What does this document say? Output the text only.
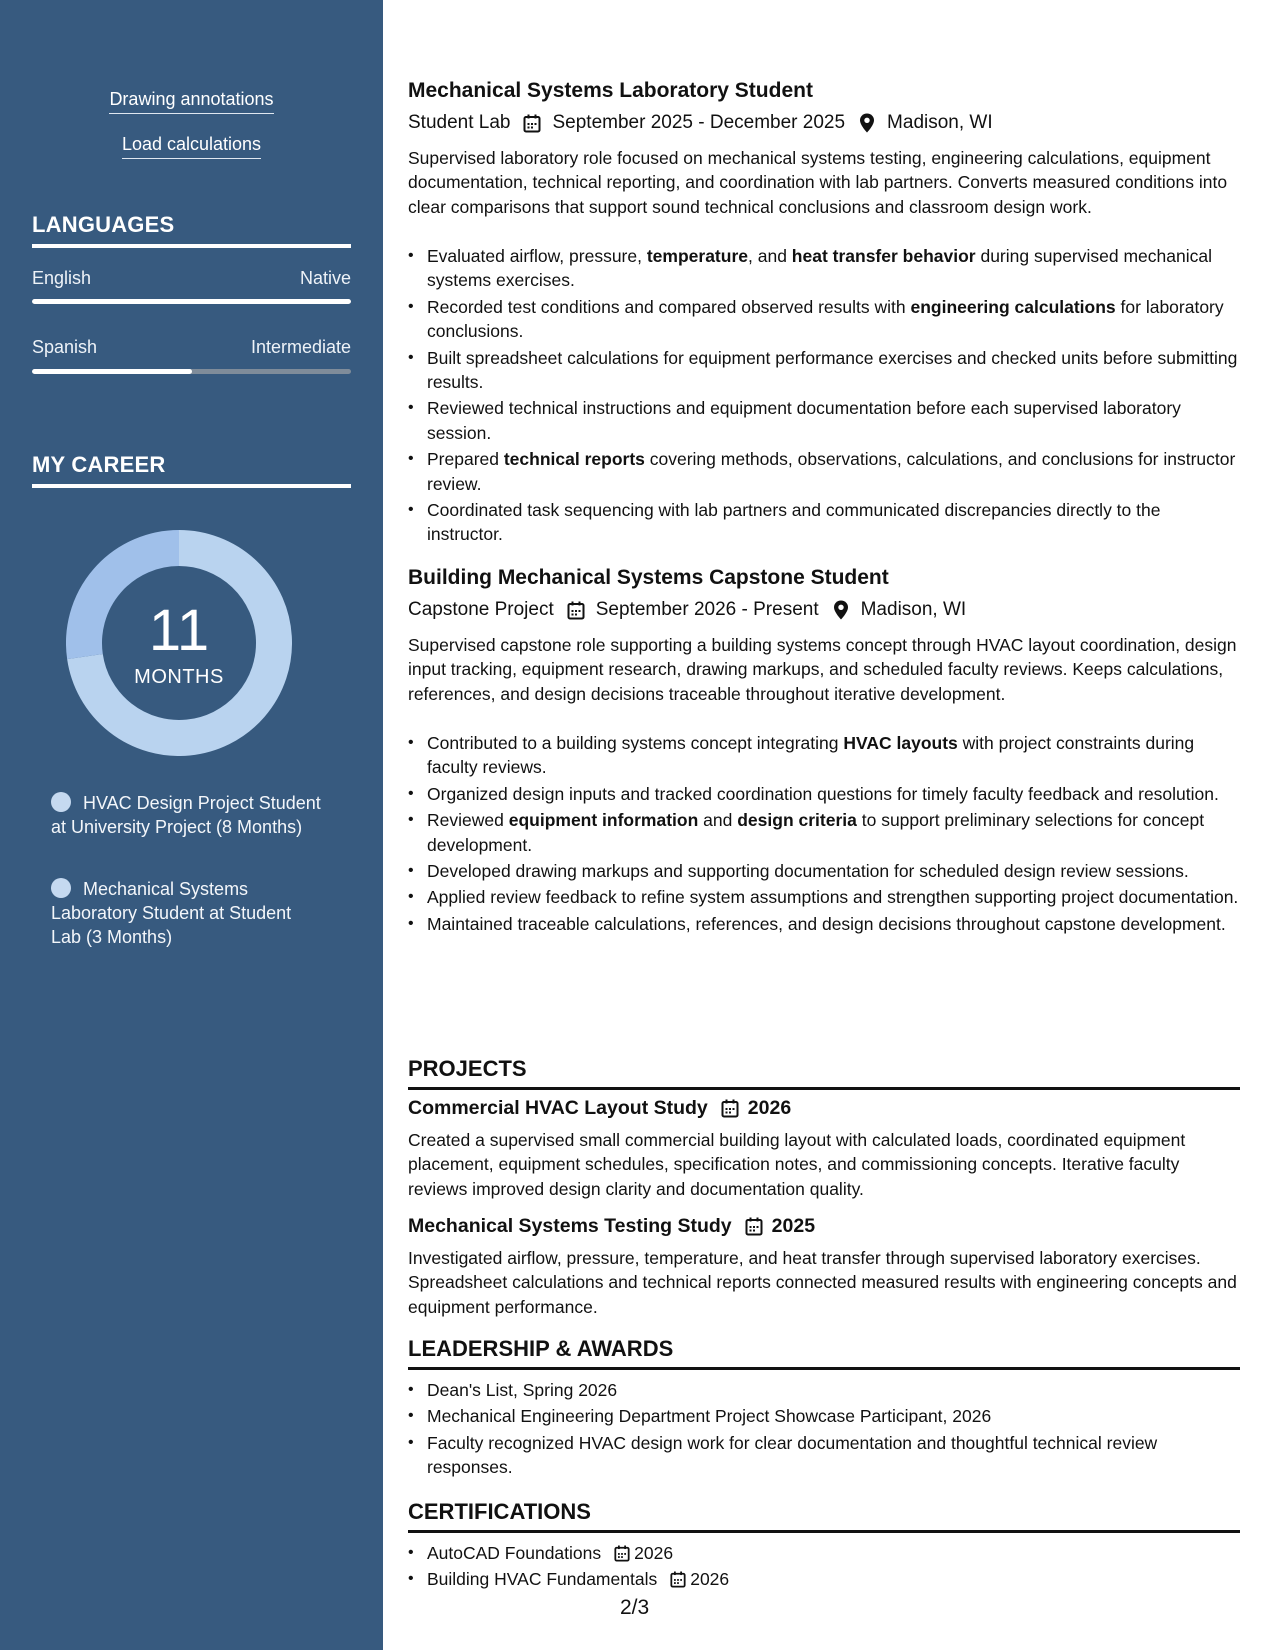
Drawing annotations
Load calculations
LANGUAGES
English	Native
Spanish	Intermediate
MY CAREER
11
MONTHS
HVAC Design Project Student at University Project (8 Months)
Mechanical Systems Laboratory Student at Student Lab (3 Months)
Mechanical Systems Laboratory Student
Student Lab September 2025 - December 2025 Madison, WI
Supervised laboratory role focused on mechanical systems testing, engineering calculations, equipment documentation, technical reporting, and coordination with lab partners. Converts measured conditions into clear comparisons that support sound technical conclusions and classroom design work.
• Evaluated airflow, pressure, temperature, and heat transfer behavior during supervised mechanical systems exercises.
• Recorded test conditions and compared observed results with engineering calculations for laboratory conclusions.
• Built spreadsheet calculations for equipment performance exercises and checked units before submitting results.
• Reviewed technical instructions and equipment documentation before each supervised laboratory session.
• Prepared technical reports covering methods, observations, calculations, and conclusions for instructor review.
• Coordinated task sequencing with lab partners and communicated discrepancies directly to the instructor.
Building Mechanical Systems Capstone Student
Capstone Project September 2026 - Present Madison, WI
Supervised capstone role supporting a building systems concept through HVAC layout coordination, design input tracking, equipment research, drawing markups, and scheduled faculty reviews. Keeps calculations, references, and design decisions traceable throughout iterative development.
• Contributed to a building systems concept integrating HVAC layouts with project constraints during faculty reviews.
• Organized design inputs and tracked coordination questions for timely faculty feedback and resolution.
• Reviewed equipment information and design criteria to support preliminary selections for concept development.
• Developed drawing markups and supporting documentation for scheduled design review sessions.
• Applied review feedback to refine system assumptions and strengthen supporting project documentation.
• Maintained traceable calculations, references, and design decisions throughout capstone development.
PROJECTS
Commercial HVAC Layout Study 2026
Created a supervised small commercial building layout with calculated loads, coordinated equipment placement, equipment schedules, specification notes, and commissioning concepts. Iterative faculty reviews improved design clarity and documentation quality.
Mechanical Systems Testing Study 2025
Investigated airflow, pressure, temperature, and heat transfer through supervised laboratory exercises. Spreadsheet calculations and technical reports connected measured results with engineering concepts and equipment performance.
LEADERSHIP & AWARDS
• Dean's List, Spring 2026
• Mechanical Engineering Department Project Showcase Participant, 2026
• Faculty recognized HVAC design work for clear documentation and thoughtful technical review responses.
CERTIFICATIONS
• AutoCAD Foundations 2026
• Building HVAC Fundamentals 2026
2/3
